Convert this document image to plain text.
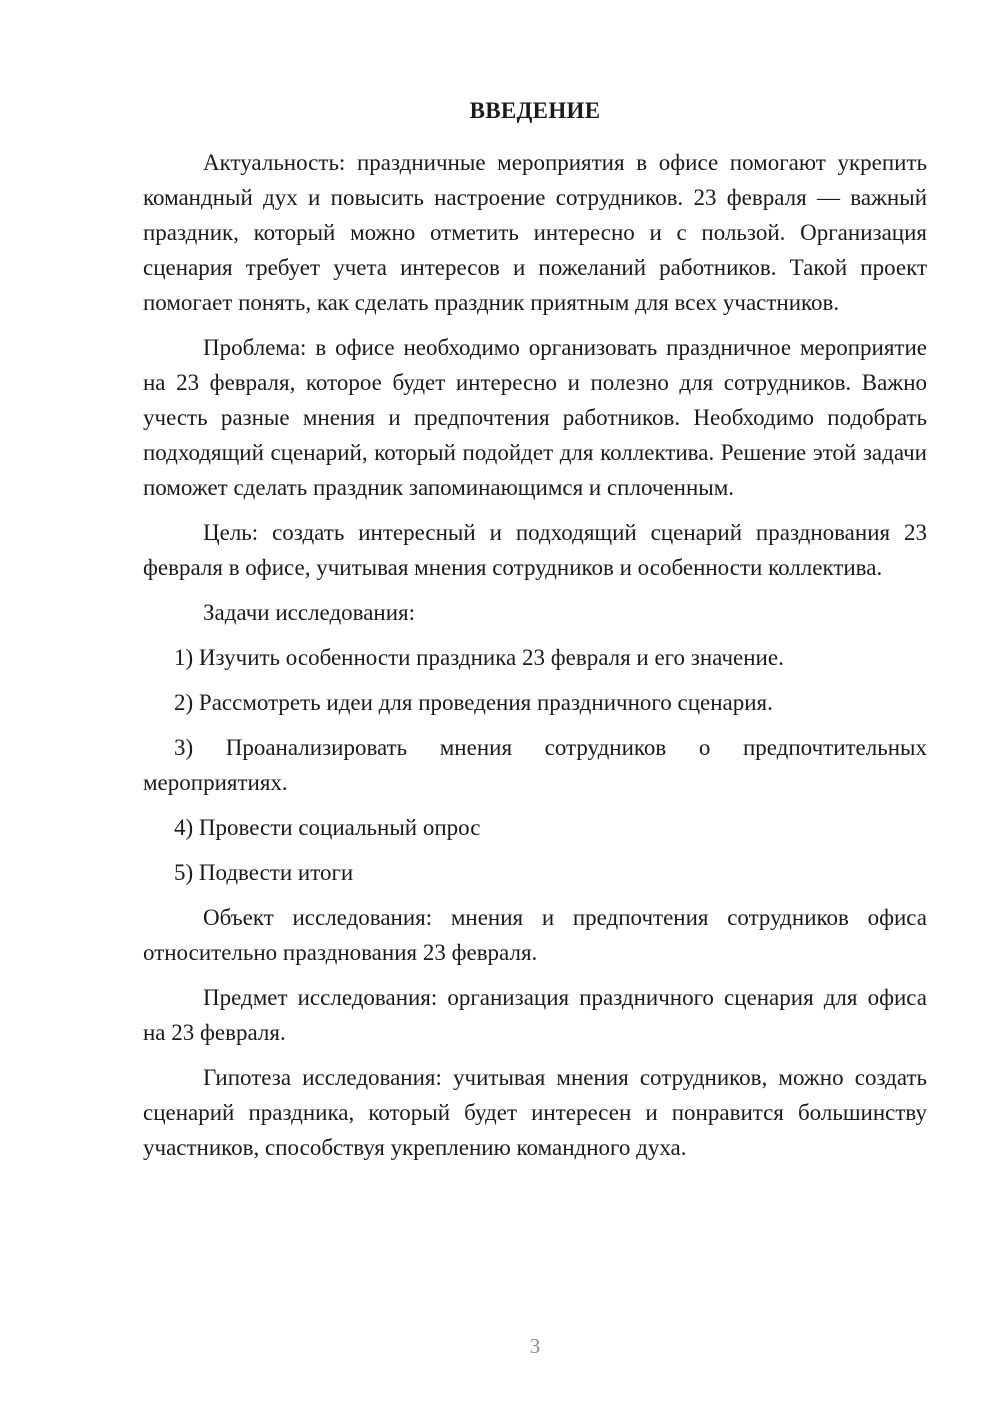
ВВЕДЕНИЕ

Актуальность: праздничные мероприятия в офисе помогают укрепить командный дух и повысить настроение сотрудников. 23 февраля — важный праздник, который можно отметить интересно и с пользой. Организация сценария требует учета интересов и пожеланий работников. Такой проект помогает понять, как сделать праздник приятным для всех участников.

Проблема: в офисе необходимо организовать праздничное мероприятие на 23 февраля, которое будет интересно и полезно для сотрудников. Важно учесть разные мнения и предпочтения работников. Необходимо подобрать подходящий сценарий, который подойдет для коллектива. Решение этой задачи поможет сделать праздник запоминающимся и сплоченным.

Цель: создать интересный и подходящий сценарий празднования 23 февраля в офисе, учитывая мнения сотрудников и особенности коллектива.

Задачи исследования:

1) Изучить особенности праздника 23 февраля и его значение.

2) Рассмотреть идеи для проведения праздничного сценария.

3) Проанализировать мнения сотрудников о предпочтительных мероприятиях.

4) Провести социальный опрос

5) Подвести итоги

Объект исследования: мнения и предпочтения сотрудников офиса относительно празднования 23 февраля.

Предмет исследования: организация праздничного сценария для офиса на 23 февраля.

Гипотеза исследования: учитывая мнения сотрудников, можно создать сценарий праздника, который будет интересен и понравится большинству участников, способствуя укреплению командного духа.

3
